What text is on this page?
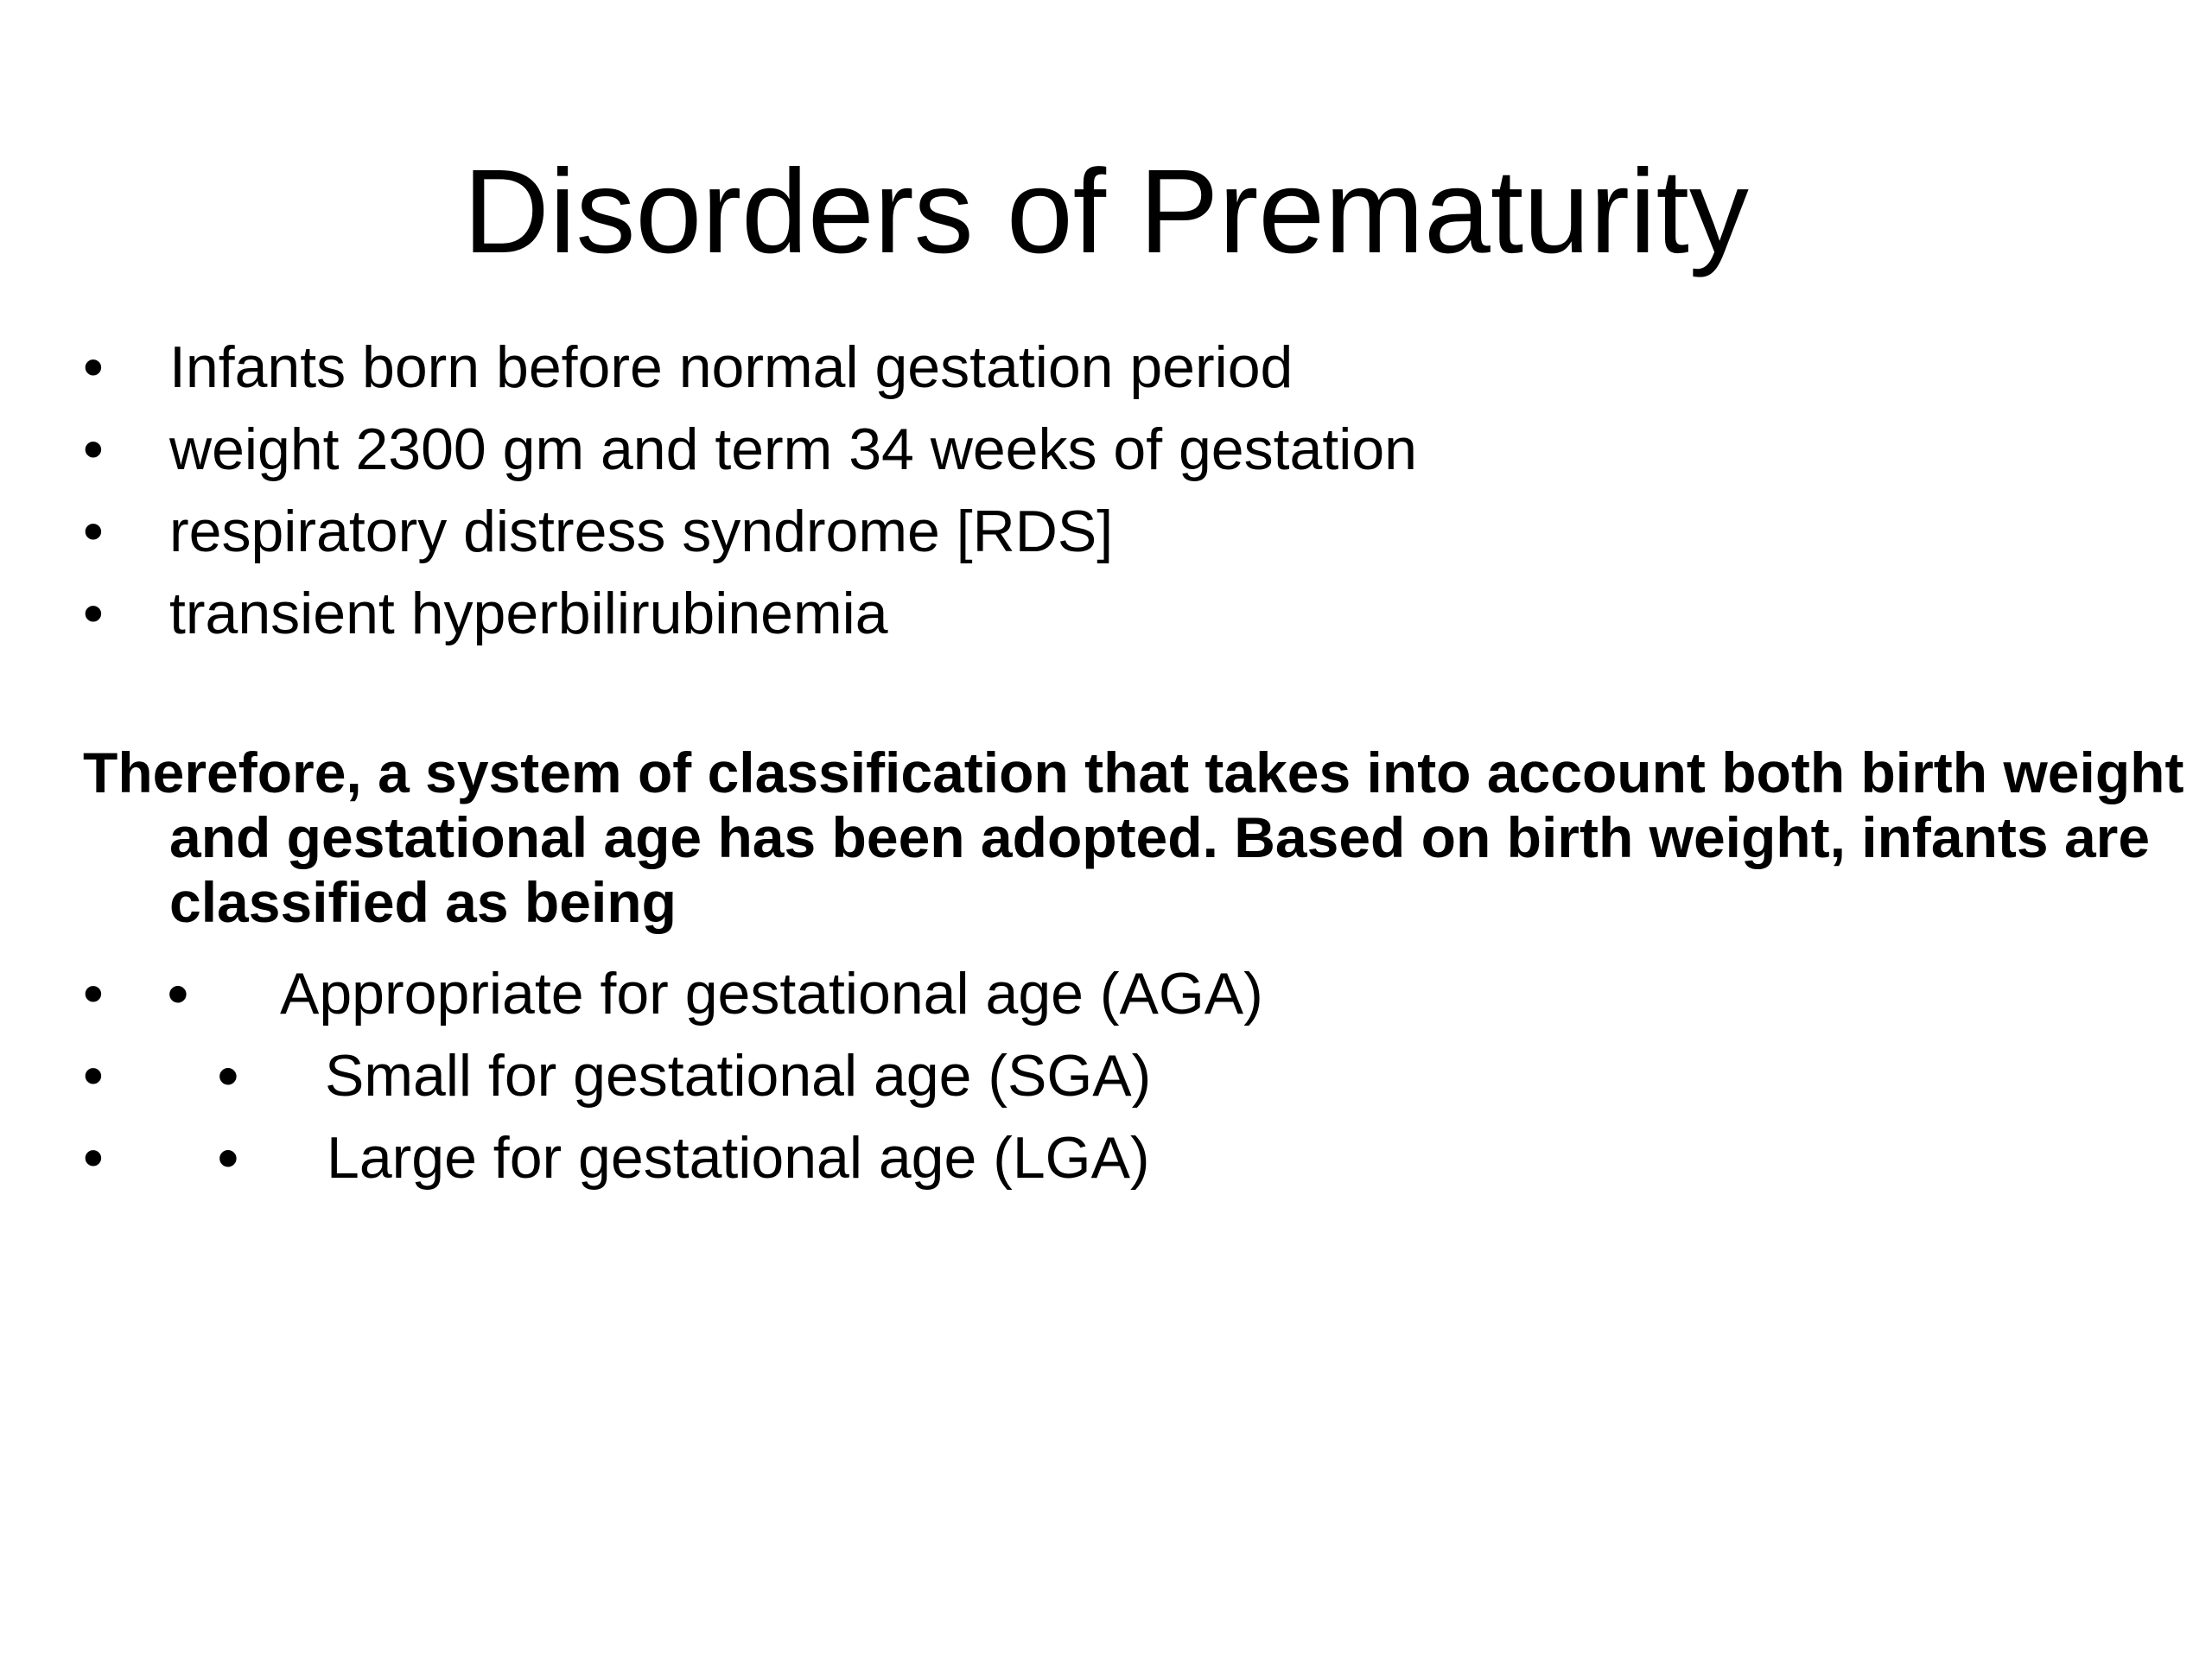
Disorders of Prematurity
• Infants born before normal gestation period
• weight 2300 gm and term 34 weeks of gestation
• respiratory distress syndrome [RDS]
• transient hyperbilirubinemia

Therefore, a system of classification that takes into account both birth weight and gestational age has been adopted. Based on birth weight, infants are classified as being

• • Appropriate for gestational age (AGA)
• • Small for gestational age (SGA)
• • Large for gestational age (LGA)
